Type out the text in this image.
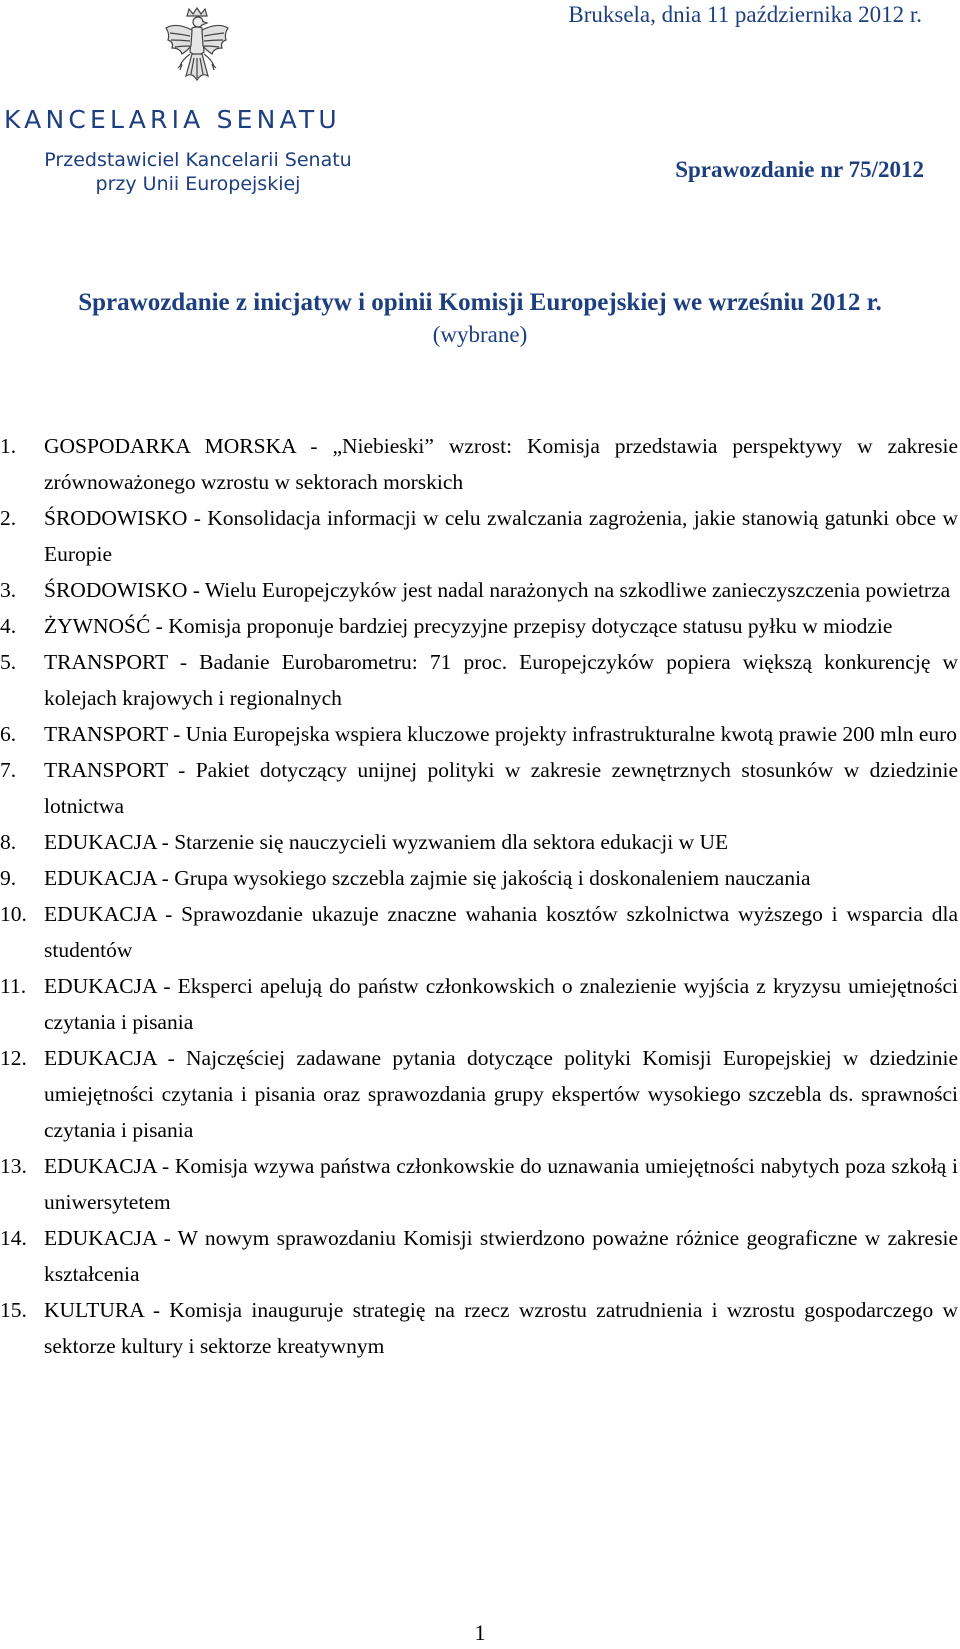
KANCELARIA SENATU
Przedstawiciel Kancelarii Senatu
przy Unii Europejskiej
Bruksela, dnia 11 października 2012 r.
Sprawozdanie nr 75/2012
Sprawozdanie z inicjatyw i opinii Komisji Europejskiej we wrześniu 2012 r.
(wybrane)
1. GOSPODARKA MORSKA - „Niebieski” wzrost: Komisja przedstawia perspektywy w zakresie zrównoważonego wzrostu w sektorach morskich
2. ŚRODOWISKO - Konsolidacja informacji w celu zwalczania zagrożenia, jakie stanowią gatunki obce w Europie
3. ŚRODOWISKO - Wielu Europejczyków jest nadal narażonych na szkodliwe zanieczyszczenia powietrza
4. ŻYWNOŚĆ - Komisja proponuje bardziej precyzyjne przepisy dotyczące statusu pyłku w miodzie
5. TRANSPORT - Badanie Eurobarometru: 71 proc. Europejczyków popiera większą konkurencję w kolejach krajowych i regionalnych
6. TRANSPORT - Unia Europejska wspiera kluczowe projekty infrastrukturalne kwotą prawie 200 mln euro
7. TRANSPORT - Pakiet dotyczący unijnej polityki w zakresie zewnętrznych stosunków w dziedzinie lotnictwa
8. EDUKACJA - Starzenie się nauczycieli wyzwaniem dla sektora edukacji w UE
9. EDUKACJA - Grupa wysokiego szczebla zajmie się jakością i doskonaleniem nauczania
10. EDUKACJA - Sprawozdanie ukazuje znaczne wahania kosztów szkolnictwa wyższego i wsparcia dla studentów
11. EDUKACJA - Eksperci apelują do państw członkowskich o znalezienie wyjścia z kryzysu umiejętności czytania i pisania
12. EDUKACJA - Najczęściej zadawane pytania dotyczące polityki Komisji Europejskiej w dziedzinie umiejętności czytania i pisania oraz sprawozdania grupy ekspertów wysokiego szczebla ds. sprawności czytania i pisania
13. EDUKACJA - Komisja wzywa państwa członkowskie do uznawania umiejętności nabytych poza szkołą i uniwersytetem
14. EDUKACJA - W nowym sprawozdaniu Komisji stwierdzono poważne różnice geograficzne w zakresie kształcenia
15. KULTURA - Komisja inauguruje strategię na rzecz wzrostu zatrudnienia i wzrostu gospodarczego w sektorze kultury i sektorze kreatywnym
1
